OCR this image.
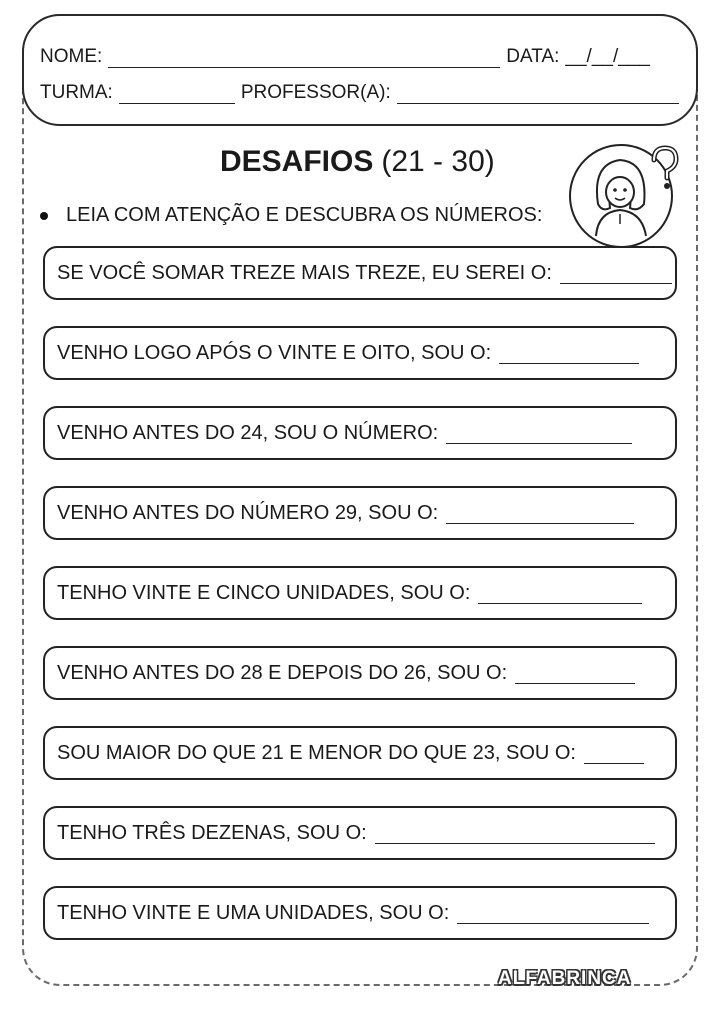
NOME:	DATA: __/__/___
TURMA:	PROFESSOR(A):
DESAFIOS (21 - 30)
LEIA COM ATENÇÃO E DESCUBRA OS NÚMEROS:
SE VOCÊ SOMAR TREZE MAIS TREZE, EU SEREI O:
VENHO LOGO APÓS O VINTE E OITO, SOU O:
VENHO ANTES DO 24, SOU O NÚMERO:
VENHO ANTES DO NÚMERO 29, SOU O:
TENHO VINTE E CINCO UNIDADES, SOU O:
VENHO ANTES DO 28 E DEPOIS DO 26, SOU O:
SOU MAIOR DO QUE 21 E MENOR DO QUE 23, SOU O:
TENHO TRÊS DEZENAS, SOU O:
TENHO VINTE E UMA UNIDADES, SOU O:
ALFABRINCA
